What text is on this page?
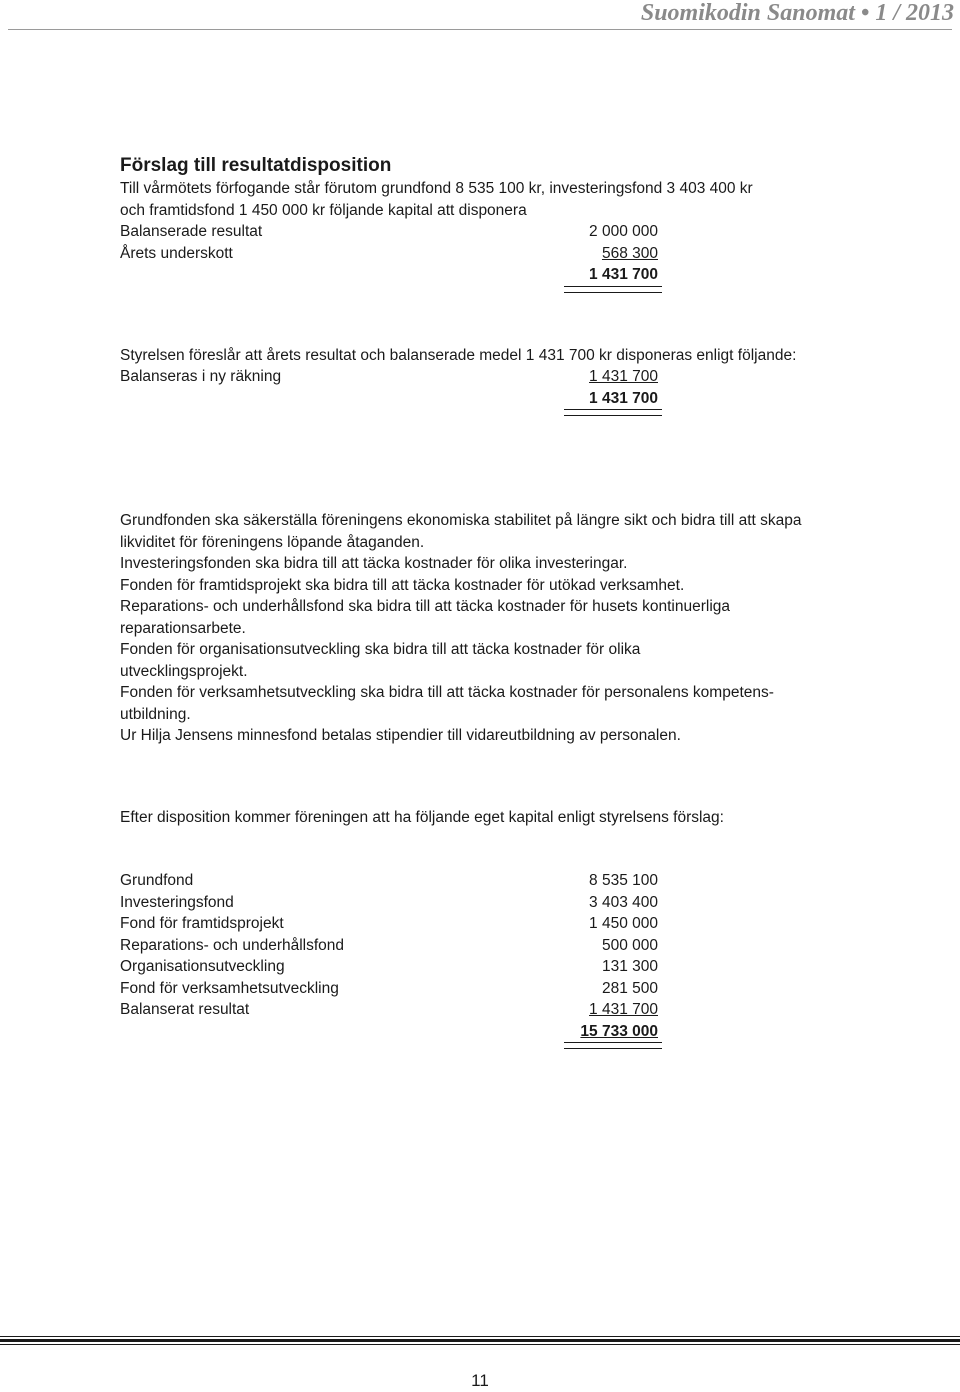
Suomikodin Sanomat • 1 / 2013
Förslag till resultatdisposition

Till vårmötets förfogande står förutom grundfond 8 535 100 kr, investeringsfond 3 403 400 kr

och framtidsfond 1 450 000 kr följande kapital att disponera

Balanserade resultat	2 000 000
Årets underskott	568 300
1 431 700

Styrelsen föreslår att årets resultat och balanserade medel 1 431 700 kr disponeras enligt följande:

Balanseras i ny räkning	1 431 700
1 431 700

Grundfonden ska säkerställa föreningens ekonomiska stabilitet på längre sikt och bidra till att skapa

likviditet för föreningens löpande åtaganden.

Investeringsfonden ska bidra till att täcka kostnader för olika investeringar.

Fonden för framtidsprojekt ska bidra till att täcka kostnader för utökad verksamhet.

Reparations- och underhållsfond ska bidra till att täcka kostnader för husets kontinuerliga

reparationsarbete.

Fonden för organisationsutveckling ska bidra till att täcka kostnader för olika

utvecklingsprojekt.

Fonden för verksamhetsutveckling ska bidra till att täcka kostnader för personalens kompetens-

utbildning.

Ur Hilja Jensens minnesfond betalas stipendier till vidareutbildning av personalen.

Efter disposition kommer föreningen att ha följande eget kapital enligt styrelsens förslag:

Grundfond	8 535 100
Investeringsfond	3 403 400
Fond för framtidsprojekt	1 450 000
Reparations- och underhållsfond	500 000
Organisationsutveckling	131 300
Fond för verksamhetsutveckling	281 500
Balanserat resultat	1 431 700
15 733 000
11
